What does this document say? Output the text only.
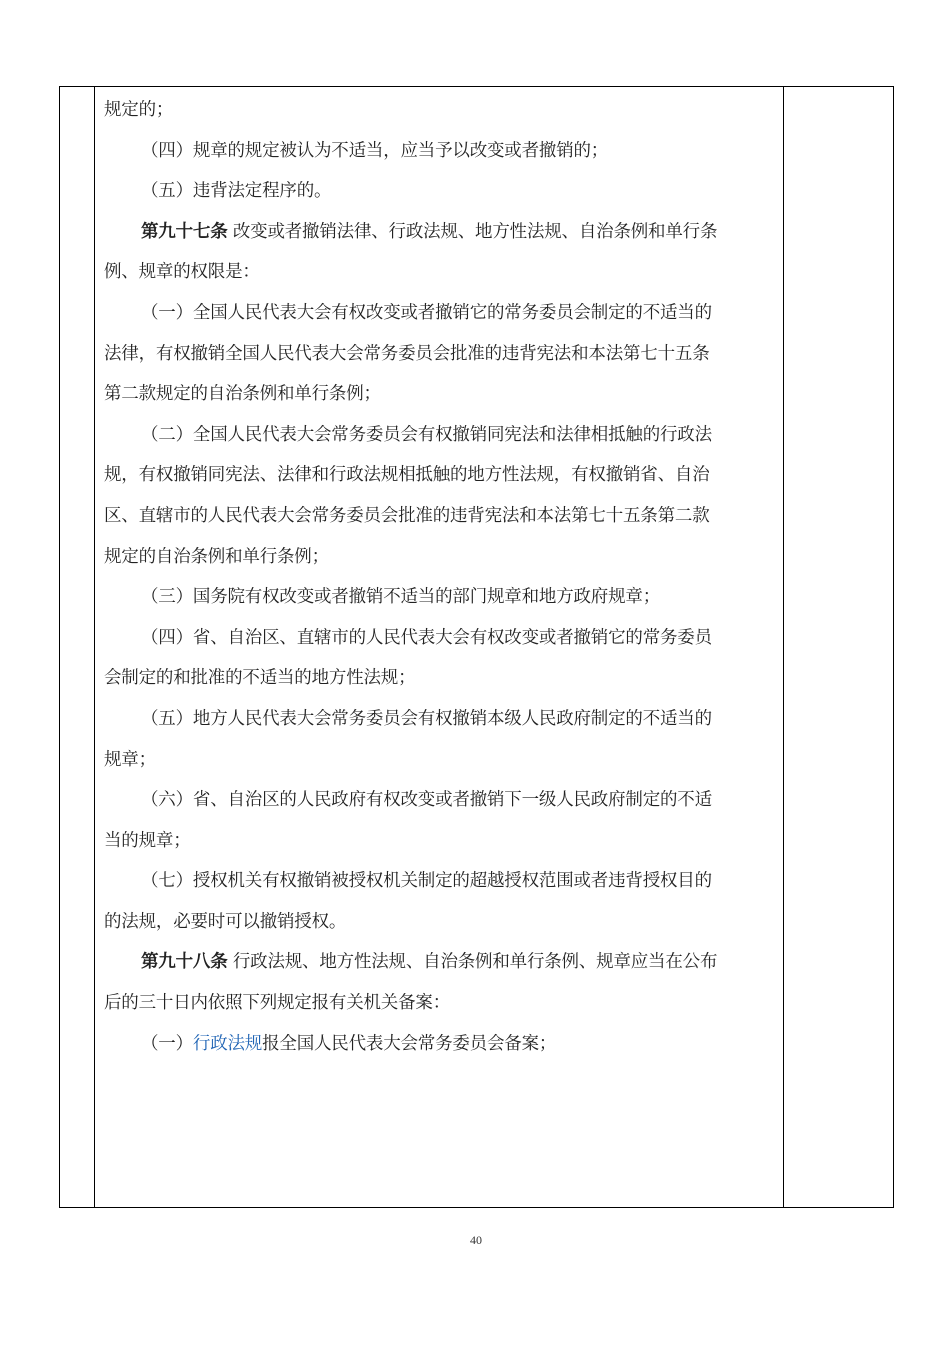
规定的；
（四）规章的规定被认为不适当，应当予以改变或者撤销的；
（五）违背法定程序的。
第九十七条 改变或者撤销法律、行政法规、地方性法规、自治条例和单行条
例、规章的权限是：
（一）全国人民代表大会有权改变或者撤销它的常务委员会制定的不适当的
法律，有权撤销全国人民代表大会常务委员会批准的违背宪法和本法第七十五条
第二款规定的自治条例和单行条例；
（二）全国人民代表大会常务委员会有权撤销同宪法和法律相抵触的行政法
规，有权撤销同宪法、法律和行政法规相抵触的地方性法规，有权撤销省、自治
区、直辖市的人民代表大会常务委员会批准的违背宪法和本法第七十五条第二款
规定的自治条例和单行条例；
（三）国务院有权改变或者撤销不适当的部门规章和地方政府规章；
（四）省、自治区、直辖市的人民代表大会有权改变或者撤销它的常务委员
会制定的和批准的不适当的地方性法规；
（五）地方人民代表大会常务委员会有权撤销本级人民政府制定的不适当的
规章；
（六）省、自治区的人民政府有权改变或者撤销下一级人民政府制定的不适
当的规章；
（七）授权机关有权撤销被授权机关制定的超越授权范围或者违背授权目的
的法规，必要时可以撤销授权。
第九十八条 行政法规、地方性法规、自治条例和单行条例、规章应当在公布
后的三十日内依照下列规定报有关机关备案：
（一）行政法规报全国人民代表大会常务委员会备案；
40
